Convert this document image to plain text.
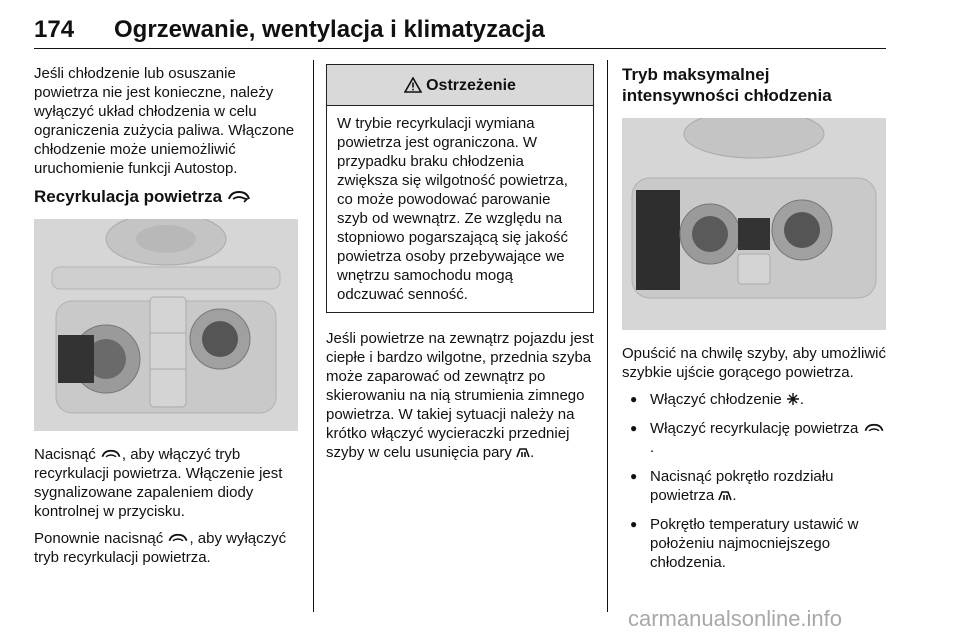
174 Ogrzewanie, wentylacja i klimatyzacja

Jeśli chłodzenie lub osuszanie powietrza nie jest konieczne, należy wyłączyć układ chłodzenia w celu ograniczenia zużycia paliwa. Włączone chłodzenie może uniemożliwić uruchomienie funkcji Autostop.

Recyrkulacja powietrza

Nacisnąć , aby włączyć tryb recyrkulacji powietrza. Włączenie jest sygnalizowane zapaleniem diody kontrolnej w przycisku.

Ponownie nacisnąć , aby wyłączyć tryb recyrkulacji powietrza.

Ostrzeżenie
W trybie recyrkulacji wymiana powietrza jest ograniczona. W przypadku braku chłodzenia zwiększa się wilgotność powietrza, co może powodować parowanie szyb od wewnątrz. Ze względu na stopniowo pogarszającą się jakość powietrza osoby przebywające we wnętrzu samochodu mogą odczuwać senność.

Jeśli powietrze na zewnątrz pojazdu jest ciepłe i bardzo wilgotne, przednia szyba może zaparować od zewnątrz po skierowaniu na nią strumienia zimnego powietrza. W takiej sytuacji należy na krótko włączyć wycieraczki przedniej szyby w celu usunięcia pary .

Tryb maksymalnej intensywności chłodzenia

Opuścić na chwilę szyby, aby umożliwić szybkie ujście gorącego powietrza.

● Włączyć chłodzenie .
● Włączyć recyrkulację powietrza .
● Nacisnąć pokrętło rozdziału powietrza .
● Pokrętło temperatury ustawić w położeniu najmocniejszego chłodzenia.
carmanualsonline.info
